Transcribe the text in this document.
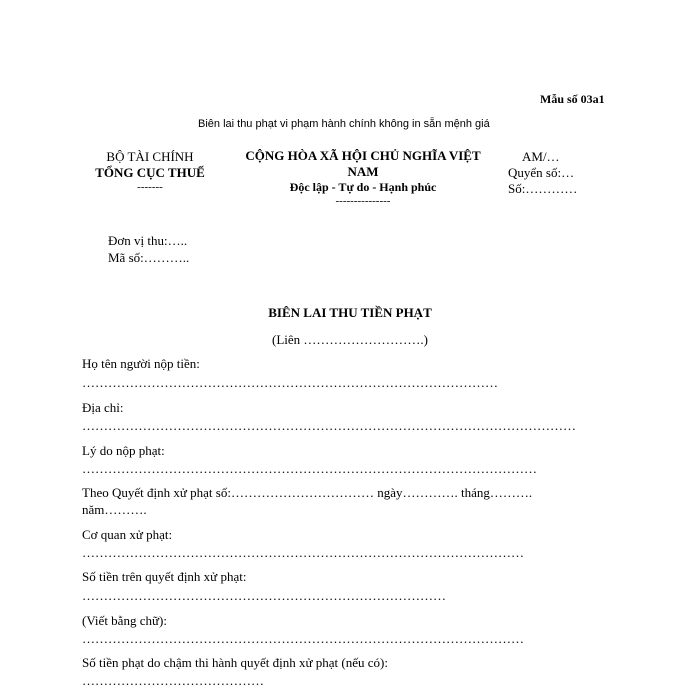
Mẫu số 03a1
Biên lai thu phạt vi phạm hành chính không in sẵn mệnh giá
BỘ TÀI CHÍNH
TỔNG CỤC THUẾ
-------
CỘNG HÒA XÃ HỘI CHỦ NGHĨA VIỆT
NAM
Độc lập - Tự do - Hạnh phúc
---------------
AM/…
Quyển số:…
Số:…………
Đơn vị thu:…..
Mã số:………..
BIÊN LAI THU TIỀN PHẠT
(Liên ……………………….)
Họ tên người nộp tiền:
……………………………………………………………………………………
Địa chỉ:
……………………………………………………………………………………………………
Lý do nộp phạt:
……………………………………………………………………………………………
Theo Quyết định xử phạt số:…………………………… ngày…………. tháng……….
năm……….
Cơ quan xử phạt:
…………………………………………………………………………………………
Số tiền trên quyết định xử phạt:
…………………………………………………………………………
(Viết bằng chữ):
…………………………………………………………………………………………
Số tiền phạt do chậm thi hành quyết định xử phạt (nếu có):
……………………………………
